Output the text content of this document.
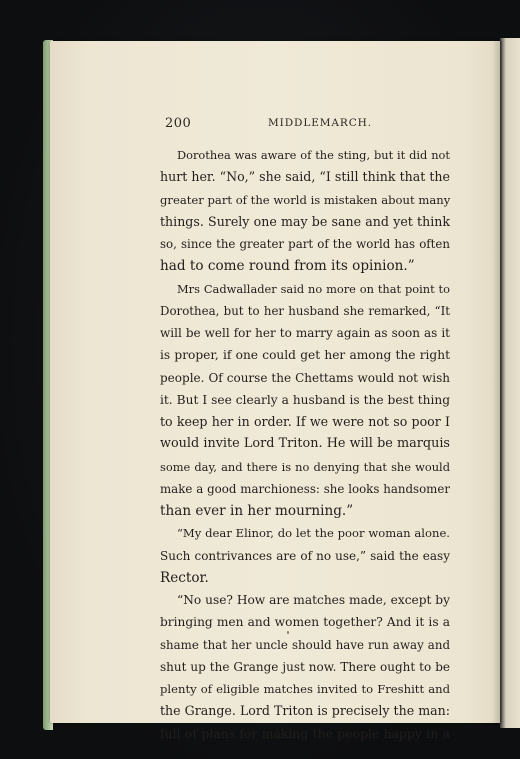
200	MIDDLEMARCH.
Dorothea was aware of the sting, but it did not
hurt her. “No,” she said, “I still think that the
greater part of the world is mistaken about many
things. Surely one may be sane and yet think
so, since the greater part of the world has often
had to come round from its opinion.”
Mrs Cadwallader said no more on that point to
Dorothea, but to her husband she remarked, “It
will be well for her to marry again as soon as it
is proper, if one could get her among the right
people. Of course the Chettams would not wish
it. But I see clearly a husband is the best thing
to keep her in order. If we were not so poor I
would invite Lord Triton. He will be marquis
some day, and there is no denying that she would
make a good marchioness: she looks handsomer
than ever in her mourning.”
“My dear Elinor, do let the poor woman alone.
Such contrivances are of no use,” said the easy
Rector.
“No use? How are matches made, except by
bringing men and women together? And it is a
shame that her uncle should have run away and
shut up the Grange just now. There ought to be
plenty of eligible matches invited to Freshitt and
the Grange. Lord Triton is precisely the man:
full of plans for making the people happy in a
